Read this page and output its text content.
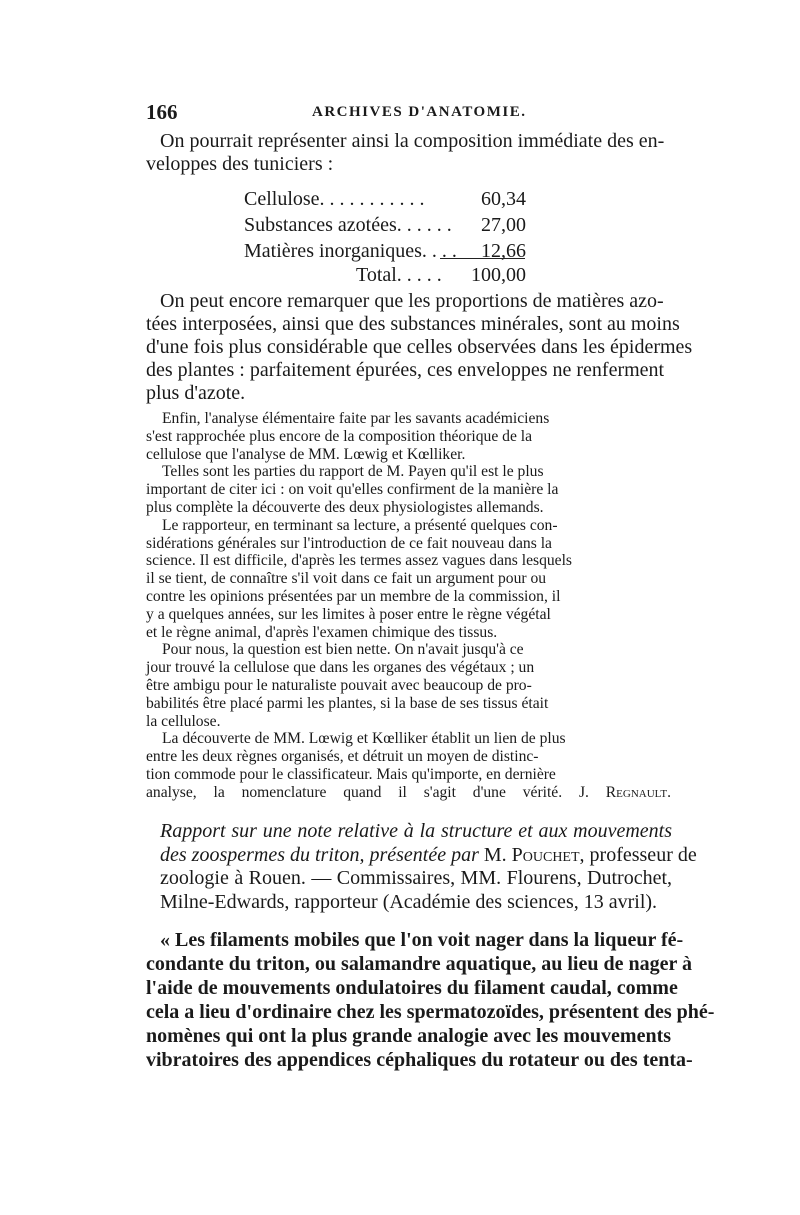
166	ARCHIVES D'ANATOMIE.
On pourrait représenter ainsi la composition immédiate des en-
veloppes des tuniciers :
Cellulose. . . . . . . . . . .	60,34
Substances azotées. . . . . . 27,00
Matières inorganiques. . . . 12,66
Total. . . . . 100,00
On peut encore remarquer que les proportions de matières azo-
tées interposées, ainsi que des substances minérales, sont au moins
d'une fois plus considérable que celles observées dans les épidermes
des plantes : parfaitement épurées, ces enveloppes ne renferment
plus d'azote.
Enfin, l'analyse élémentaire faite par les savants académiciens
s'est rapprochée plus encore de la composition théorique de la
cellulose que l'analyse de MM. Lœwig et Kœlliker.
Telles sont les parties du rapport de M. Payen qu'il est le plus
important de citer ici : on voit qu'elles confirment de la manière la
plus complète la découverte des deux physiologistes allemands.
Le rapporteur, en terminant sa lecture, a présenté quelques con-
sidérations générales sur l'introduction de ce fait nouveau dans la
science. Il est difficile, d'après les termes assez vagues dans lesquels
il se tient, de connaître s'il voit dans ce fait un argument pour ou
contre les opinions présentées par un membre de la commission, il
y a quelques années, sur les limites à poser entre le règne végétal
et le règne animal, d'après l'examen chimique des tissus.
Pour nous, la question est bien nette. On n'avait jusqu'à ce
jour trouvé la cellulose que dans les organes des végétaux ; un
être ambigu pour le naturaliste pouvait avec beaucoup de pro-
babilités être placé parmi les plantes, si la base de ses tissus était
la cellulose.
La découverte de MM. Lœwig et Kœlliker établit un lien de plus
entre les deux règnes organisés, et détruit un moyen de distinc-
tion commode pour le classificateur. Mais qu'importe, en dernière
analyse, la nomenclature quand il s'agit d'une vérité. J. Regnault.
Rapport sur une note relative à la structure et aux mouvements
des zoospermes du triton, présentée par M. Pouchet, professeur de
zoologie à Rouen. — Commissaires, MM. Flourens, Dutrochet,
Milne-Edwards, rapporteur (Académie des sciences, 13 avril).
« Les filaments mobiles que l'on voit nager dans la liqueur fé-
condante du triton, ou salamandre aquatique, au lieu de nager à
l'aide de mouvements ondulatoires du filament caudal, comme
cela a lieu d'ordinaire chez les spermatozoïdes, présentent des phé-
nomènes qui ont la plus grande analogie avec les mouvements
vibratoires des appendices céphaliques du rotateur ou des tenta-
